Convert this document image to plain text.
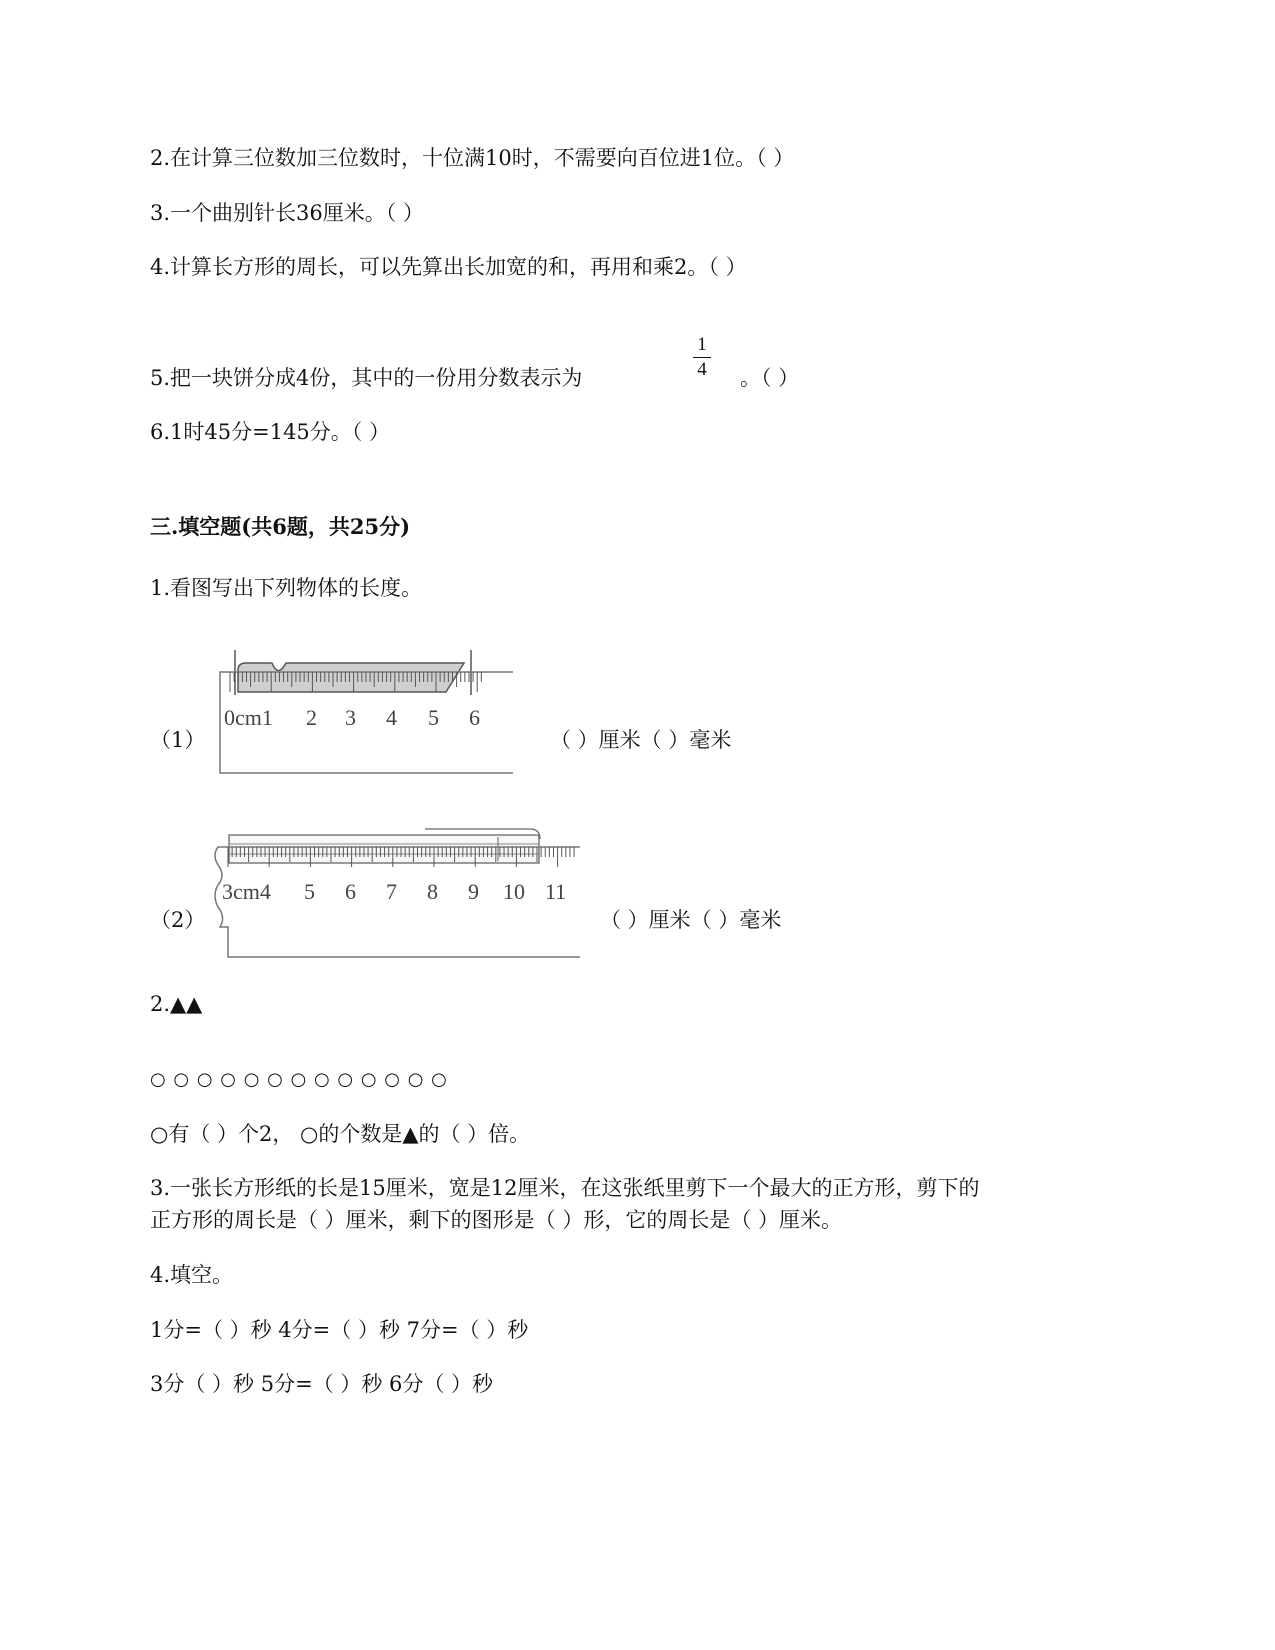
2.在计算三位数加三位数时，十位满10时，不需要向百位进1位。（ ）
3.一个曲别针长36厘米。（ ）
4.计算长方形的周长，可以先算出长加宽的和，再用和乘2。（ ）
5.把一块饼分成4份，其中的一份用分数表示为
1
4	。（ ）
6.1时45分=145分。（ ）
三.填空题(共6题，共25分)
1.看图写出下列物体的长度。
0cm1 2 3 4 5 6
（1）	（ ）厘米（ ）毫米
3cm4 5 6 7 8 9 10 11
（2）	（ ）厘米（ ）毫米
2.▲▲
○ ○ ○ ○ ○ ○ ○ ○ ○ ○ ○ ○ ○
○有（ ）个2， ○的个数是▲的（ ）倍。
3.一张长方形纸的长是15厘米，宽是12厘米，在这张纸里剪下一个最大的正方形，剪下的
正方形的周长是（ ）厘米，剩下的图形是（ ）形，它的周长是（ ）厘米。
4.填空。
1分=（ ）秒 4分=（ ）秒 7分=（ ）秒
3分（ ）秒 5分=（ ）秒 6分（ ）秒
